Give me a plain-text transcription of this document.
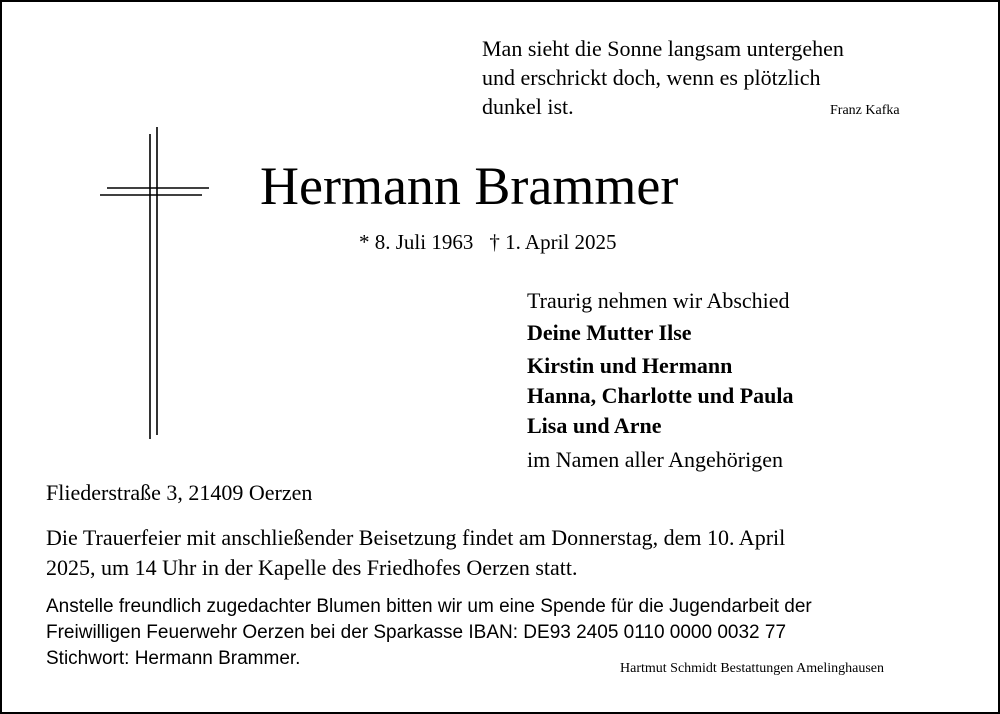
Man sieht die Sonne langsam untergehen
und erschrickt doch, wenn es plötzlich
dunkel ist.	Franz Kafka
Hermann Brammer
* 8. Juli 1963 † 1. April 2025
Traurig nehmen wir Abschied
Deine Mutter Ilse
Kirstin und Hermann
Hanna, Charlotte und Paula
Lisa und Arne
im Namen aller Angehörigen
Fliederstraße 3, 21409 Oerzen
Die Trauerfeier mit anschließender Beisetzung findet am Donnerstag, dem 10. April
2025, um 14 Uhr in der Kapelle des Friedhofes Oerzen statt.
Anstelle freundlich zugedachter Blumen bitten wir um eine Spende für die Jugendarbeit der
Freiwilligen Feuerwehr Oerzen bei der Sparkasse IBAN: DE93 2405 0110 0000 0032 77
Stichwort: Hermann Brammer.	Hartmut Schmidt Bestattungen Amelinghausen
